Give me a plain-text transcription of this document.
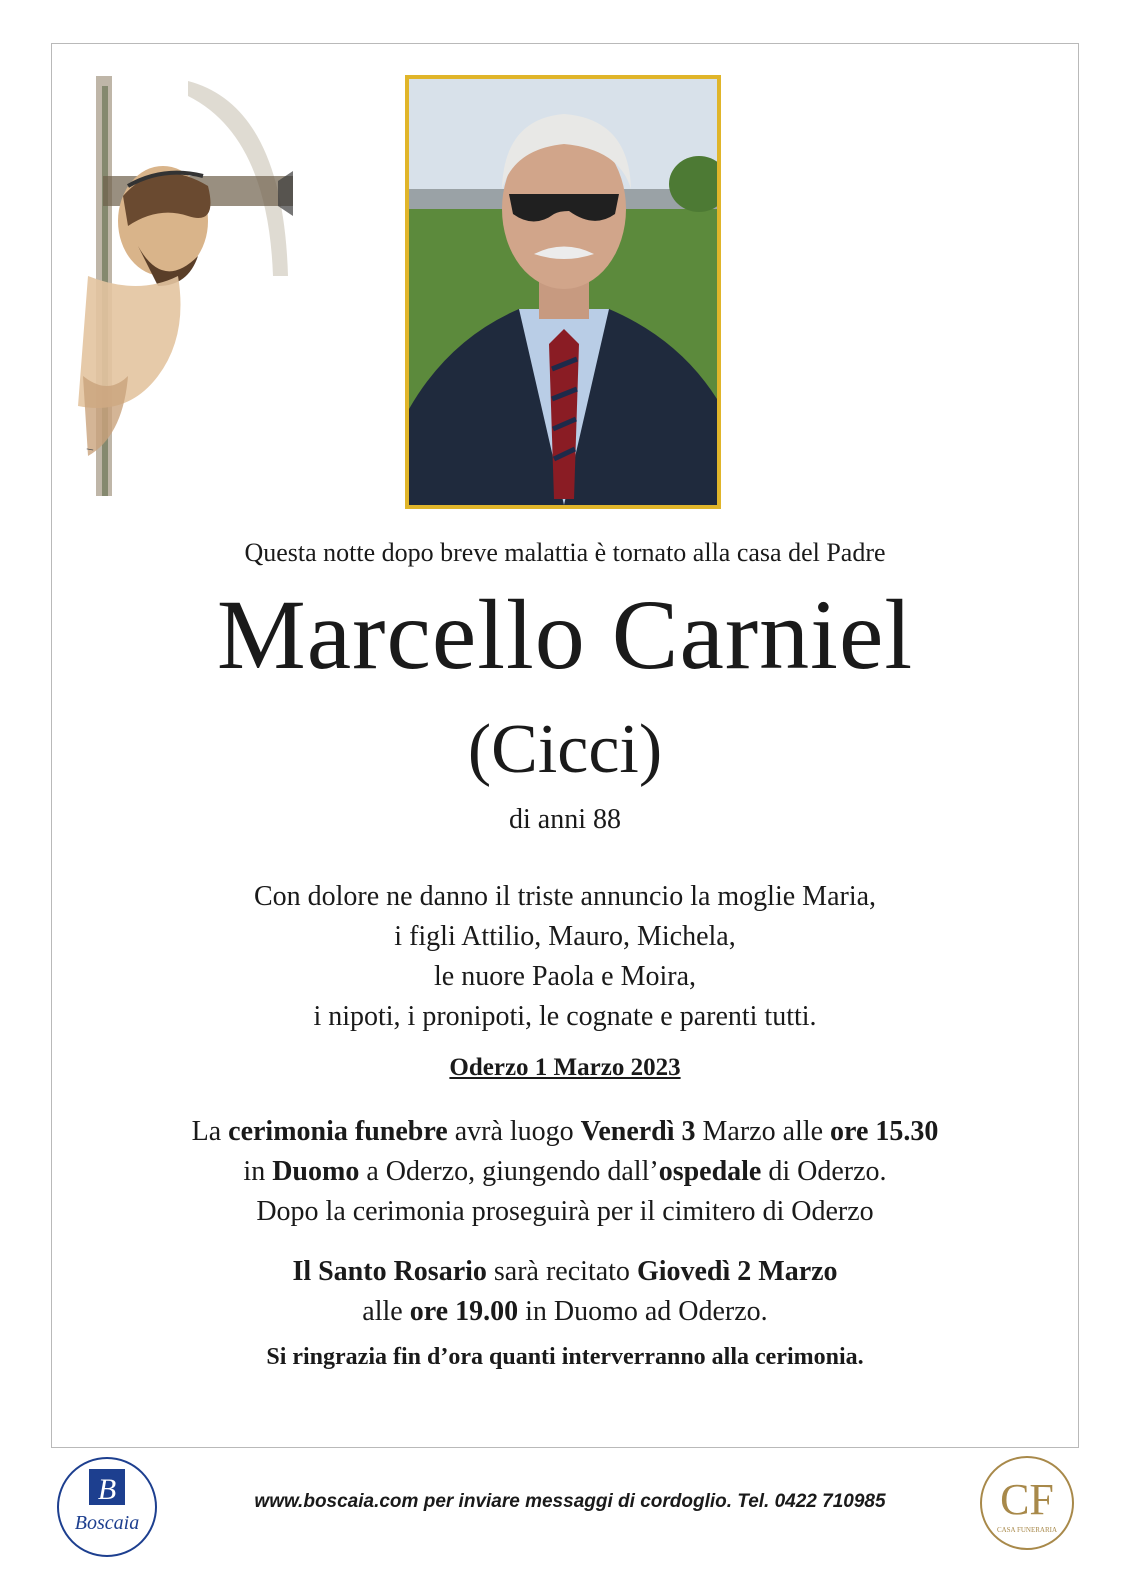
l
Questa notte dopo breve malattia è tornato alla casa del Padre
Marcello Carniel
(Cicci)
di anni 88
Con dolore ne danno il triste annuncio la moglie Maria,
i figli Attilio, Mauro, Michela,
le nuore Paola e Moira,
i nipoti, i pronipoti, le cognate e parenti tutti.
Oderzo 1 Marzo 2023
La cerimonia funebre avrà luogo Venerdì 3 Marzo alle ore 15.30
in Duomo a Oderzo, giungendo dall’ospedale di Oderzo.
Dopo la cerimonia proseguirà per il cimitero di Oderzo
Il Santo Rosario sarà recitato Giovedì 2 Marzo
alle ore 19.00 in Duomo ad Oderzo.
Si ringrazia fin d’ora quanti interverranno alla cerimonia.
B
Boscaia
www.boscaia.com per inviare messaggi di cordoglio. Tel. 0422 710985	CF
CASA FUNERARIA
